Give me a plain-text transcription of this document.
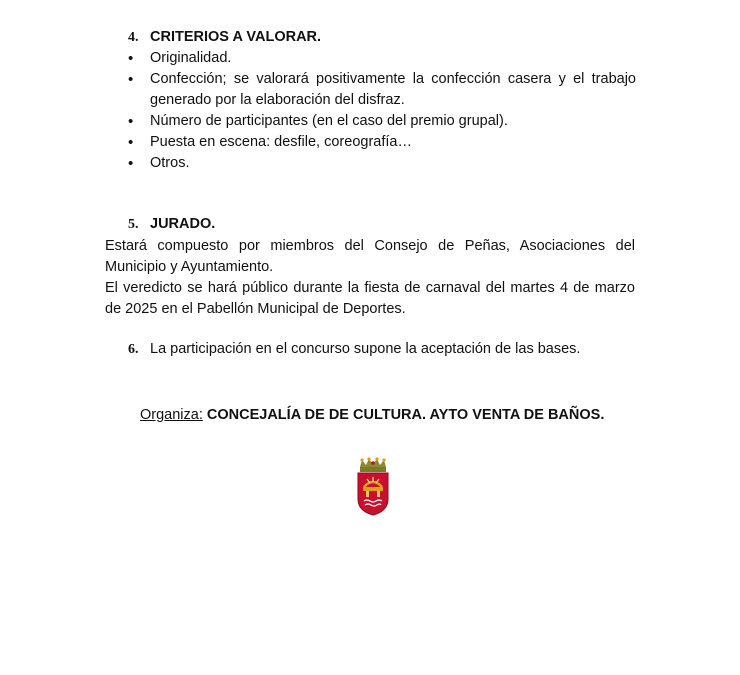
4. CRITERIOS A VALORAR.
• Originalidad.
• Confección; se valorará positivamente la confección casera y el trabajo generado por la elaboración del disfraz.
• Número de participantes (en el caso del premio grupal).
• Puesta en escena: desfile, coreografía…
• Otros.
5. JURADO.

Estará compuesto por miembros del Consejo de Peñas, Asociaciones del Municipio y Ayuntamiento.

El veredicto se hará público durante la fiesta de carnaval del martes 4 de marzo de 2025 en el Pabellón Municipal de Deportes.

6. La participación en el concurso supone la aceptación de las bases.
Organiza: CONCEJALÍA DE DE CULTURA. AYTO VENTA DE BAÑOS.
